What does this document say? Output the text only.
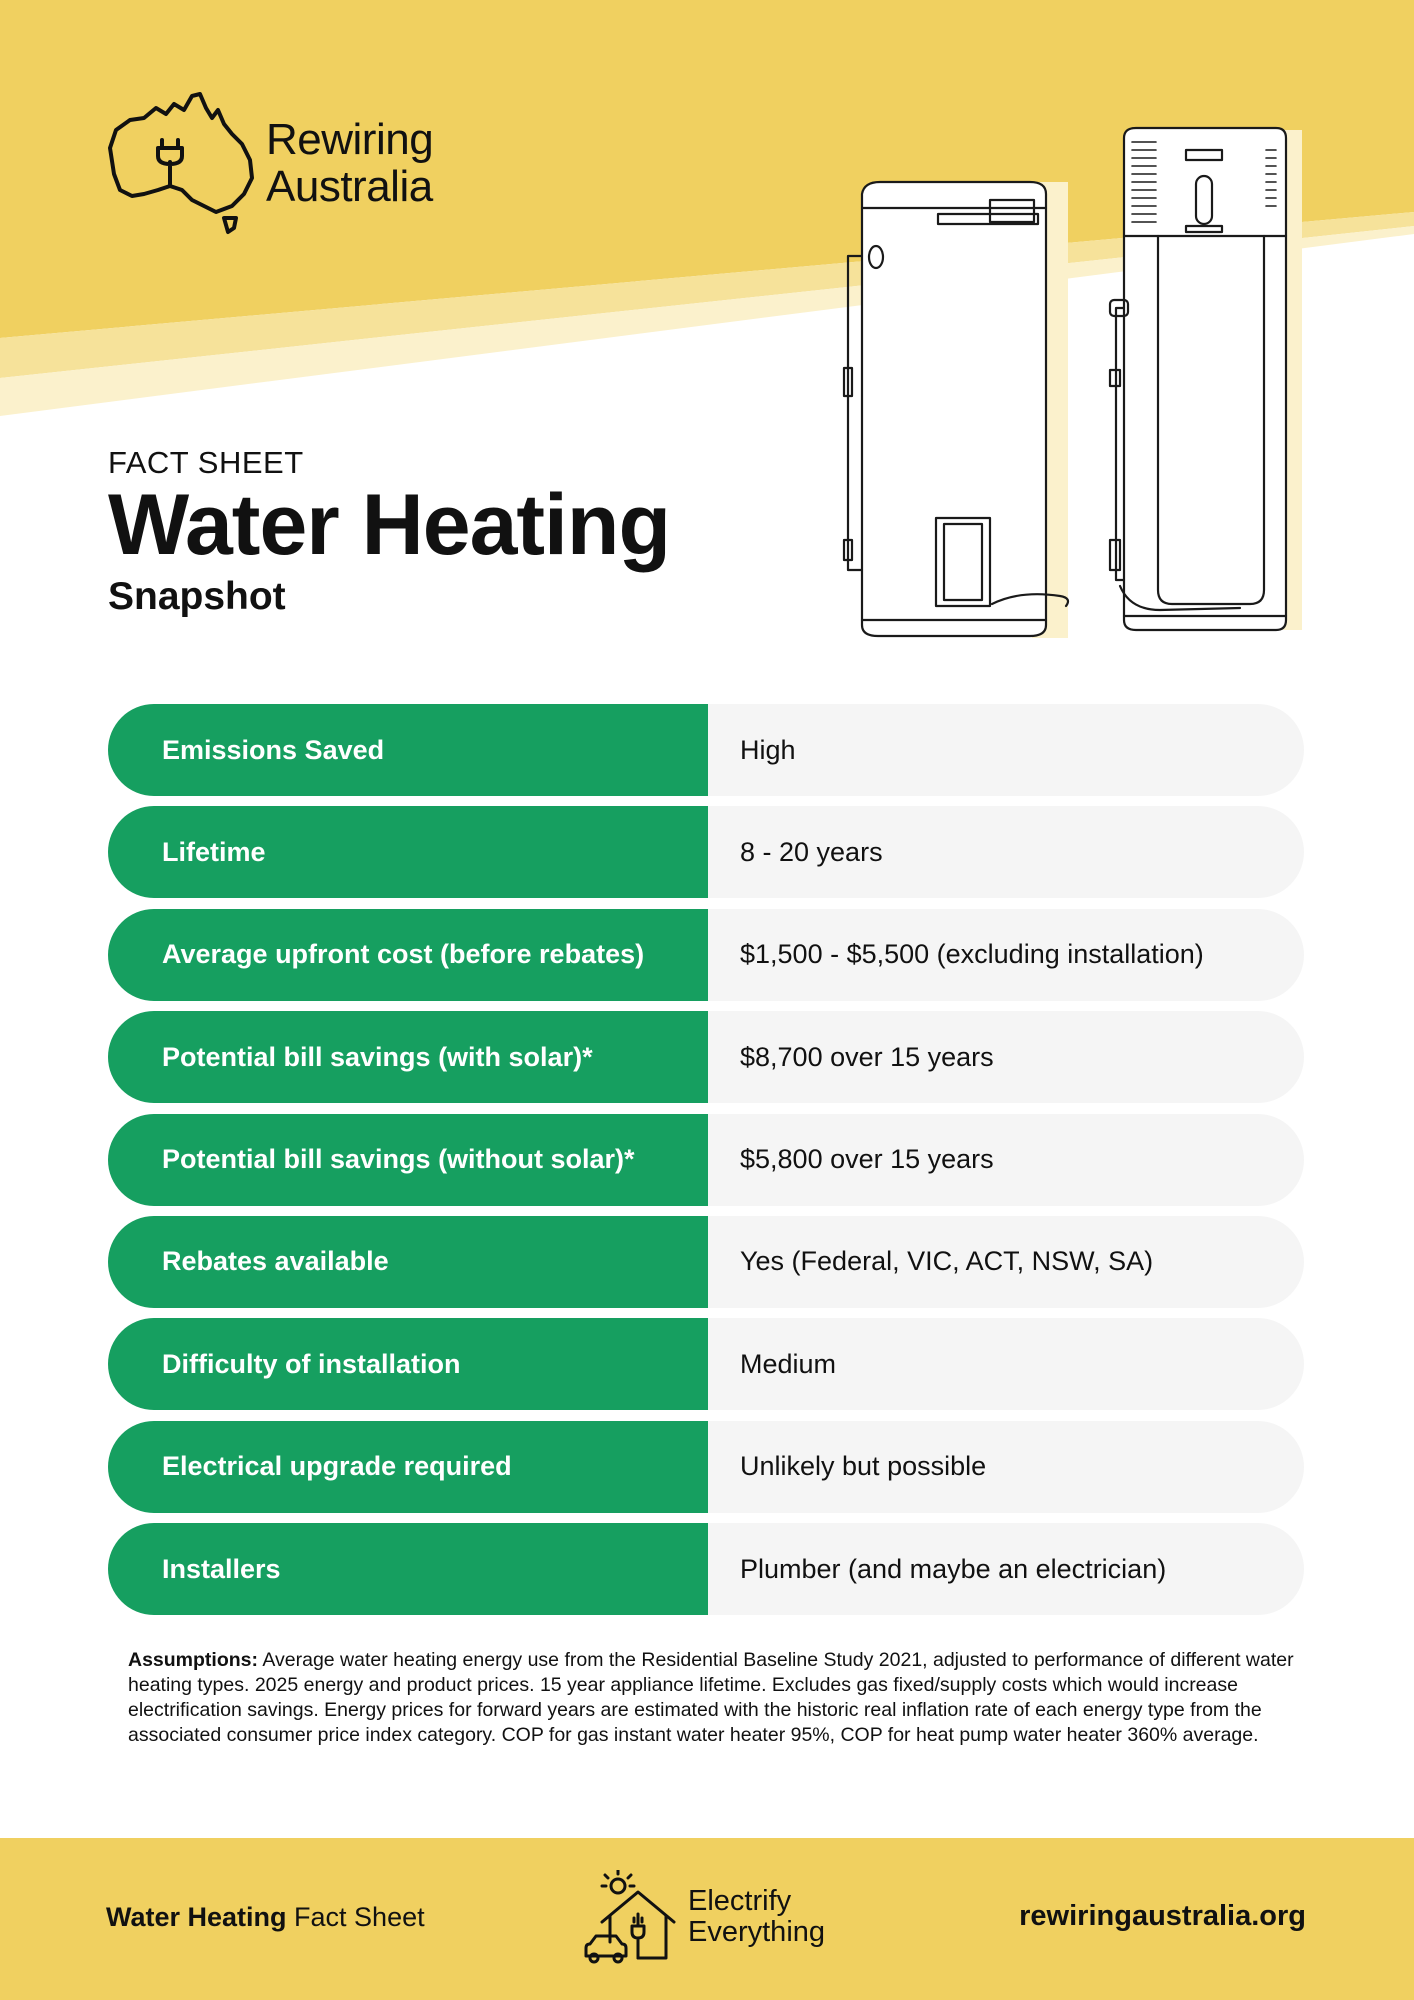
Rewiring
Australia
FACT SHEET
Water Heating
Snapshot
Emissions Saved	High
Lifetime	8 - 20 years
Average upfront cost (before rebates)	$1,500 - $5,500 (excluding installation)
Potential bill savings (with solar)*	$8,700 over 15 years
Potential bill savings (without solar)*	$5,800 over 15 years
Rebates available	Yes (Federal, VIC, ACT, NSW, SA)
Difficulty of installation	Medium
Electrical upgrade required	Unlikely but possible
Installers	Plumber (and maybe an electrician)
Assumptions: Average water heating energy use from the Residential Baseline Study 2021, adjusted to performance of different water heating types. 2025 energy and product prices. 15 year appliance lifetime. Excludes gas fixed/supply costs which would increase electrification savings. Energy prices for forward years are estimated with the historic real inflation rate of each energy type from the associated consumer price index category. COP for gas instant water heater 95%, COP for heat pump water heater 360% average.
Water Heating Fact Sheet	Electrify
Everything	rewiringaustralia.org
